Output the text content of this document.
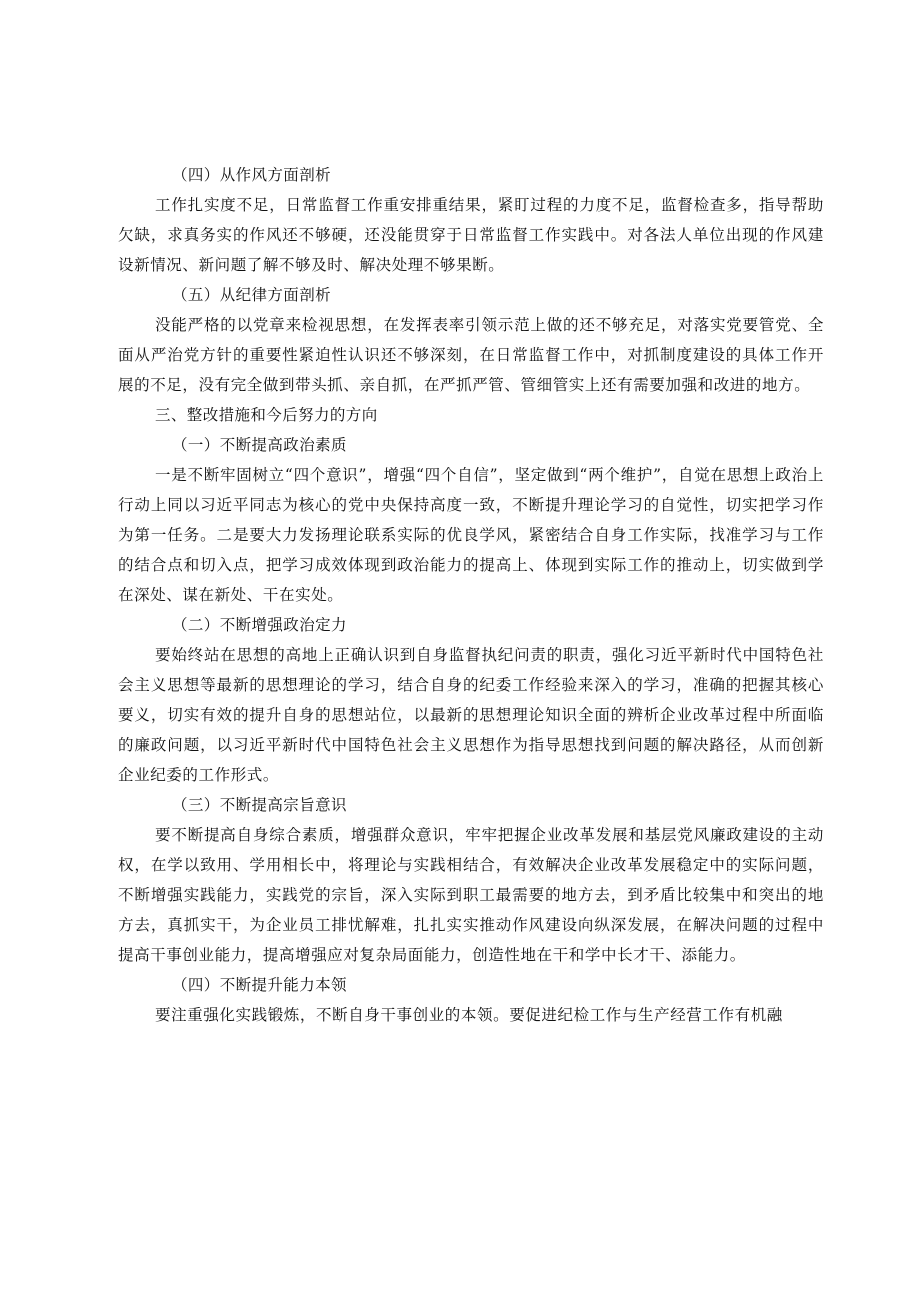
（四）从作风方面剖析

工作扎实度不足，日常监督工作重安排重结果，紧盯过程的力度不足，监督检查多，指导帮助欠缺，求真务实的作风还不够硬，还没能贯穿于日常监督工作实践中。对各法人单位出现的作风建设新情况、新问题了解不够及时、解决处理不够果断。

（五）从纪律方面剖析

没能严格的以党章来检视思想，在发挥表率引领示范上做的还不够充足，对落实党要管党、全面从严治党方针的重要性紧迫性认识还不够深刻，在日常监督工作中，对抓制度建设的具体工作开展的不足，没有完全做到带头抓、亲自抓，在严抓严管、管细管实上还有需要加强和改进的地方。

三、整改措施和今后努力的方向

（一）不断提高政治素质

一是不断牢固树立“四个意识”，增强“四个自信”，坚定做到“两个维护”，自觉在思想上政治上行动上同以习近平同志为核心的党中央保持高度一致，不断提升理论学习的自觉性，切实把学习作为第一任务。二是要大力发扬理论联系实际的优良学风，紧密结合自身工作实际，找准学习与工作的结合点和切入点，把学习成效体现到政治能力的提高上、体现到实际工作的推动上，切实做到学在深处、谋在新处、干在实处。

（二）不断增强政治定力

要始终站在思想的高地上正确认识到自身监督执纪问责的职责，强化习近平新时代中国特色社会主义思想等最新的思想理论的学习，结合自身的纪委工作经验来深入的学习，准确的把握其核心要义，切实有效的提升自身的思想站位，以最新的思想理论知识全面的辨析企业改革过程中所面临的廉政问题，以习近平新时代中国特色社会主义思想作为指导思想找到问题的解决路径，从而创新企业纪委的工作形式。

（三）不断提高宗旨意识

要不断提高自身综合素质，增强群众意识，牢牢把握企业改革发展和基层党风廉政建设的主动权，在学以致用、学用相长中，将理论与实践相结合，有效解决企业改革发展稳定中的实际问题，不断增强实践能力，实践党的宗旨，深入实际到职工最需要的地方去，到矛盾比较集中和突出的地方去，真抓实干，为企业员工排忧解难，扎扎实实推动作风建设向纵深发展，在解决问题的过程中提高干事创业能力，提高增强应对复杂局面能力，创造性地在干和学中长才干、添能力。

（四）不断提升能力本领

要注重强化实践锻炼，不断自身干事创业的本领。要促进纪检工作与生产经营工作有机融
